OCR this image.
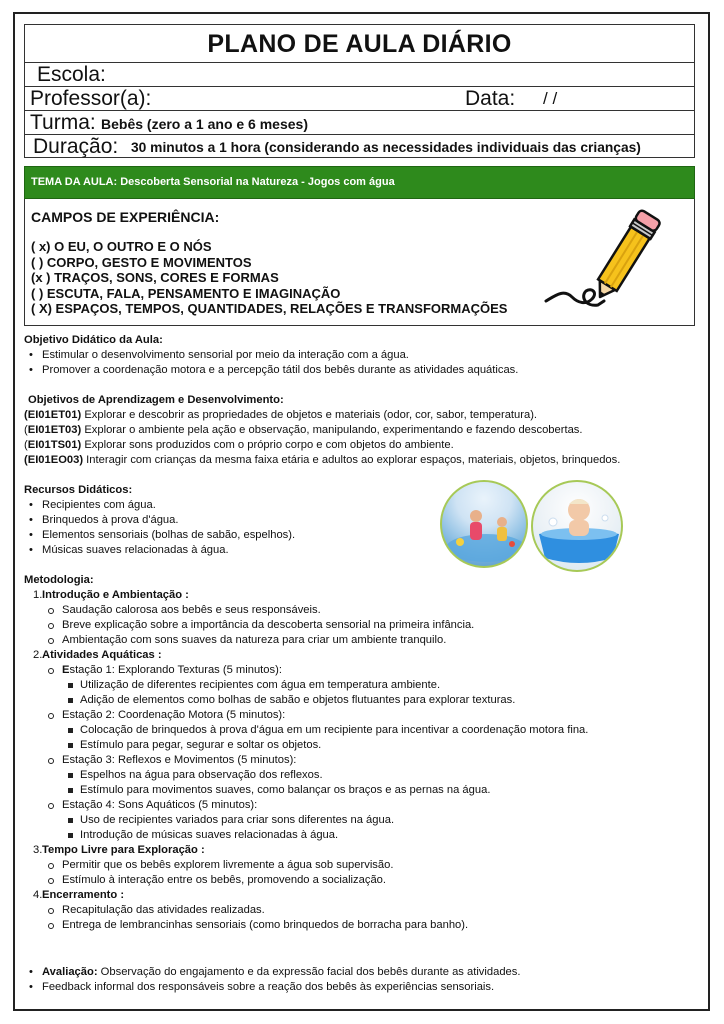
PLANO DE AULA DIÁRIO
Escola:
Professor(a):	Data: / /
Turma: Bebês (zero a 1 ano e 6 meses)
Duração: 30 minutos a 1 hora (considerando as necessidades individuais das crianças)
TEMA DA AULA: Descoberta Sensorial na Natureza - Jogos com água
CAMPOS DE EXPERIÊNCIA:
( x) O EU, O OUTRO E O NÓS
( ) CORPO, GESTO E MOVIMENTOS
(x ) TRAÇOS, SONS, CORES E FORMAS
( ) ESCUTA, FALA, PENSAMENTO E IMAGINAÇÃO
( X) ESPAÇOS, TEMPOS, QUANTIDADES, RELAÇÕES E TRANSFORMAÇÕES
Objetivo Didático da Aula:
• Estimular o desenvolvimento sensorial por meio da interação com a água.
• Promover a coordenação motora e a percepção tátil dos bebês durante as atividades aquáticas.
Objetivos de Aprendizagem e Desenvolvimento:
(EI01ET01) Explorar e descobrir as propriedades de objetos e materiais (odor, cor, sabor, temperatura).
(EI01ET03) Explorar o ambiente pela ação e observação, manipulando, experimentando e fazendo descobertas.
(EI01TS01) Explorar sons produzidos com o próprio corpo e com objetos do ambiente.
(EI01EO03) Interagir com crianças da mesma faixa etária e adultos ao explorar espaços, materiais, objetos, brinquedos.
Recursos Didáticos:
• Recipientes com água.
• Brinquedos à prova d'água.
• Elementos sensoriais (bolhas de sabão, espelhos).
• Músicas suaves relacionadas à água.
Metodologia:
1. Introdução e Ambientação :
Saudação calorosa aos bebês e seus responsáveis.
Breve explicação sobre a importância da descoberta sensorial na primeira infância.
Ambientação com sons suaves da natureza para criar um ambiente tranquilo.
2. Atividades Aquáticas :
Estação 1: Explorando Texturas (5 minutos):
Utilização de diferentes recipientes com água em temperatura ambiente.
Adição de elementos como bolhas de sabão e objetos flutuantes para explorar texturas.
Estação 2: Coordenação Motora (5 minutos):
Colocação de brinquedos à prova d'água em um recipiente para incentivar a coordenação motora fina.
Estímulo para pegar, segurar e soltar os objetos.
Estação 3: Reflexos e Movimentos (5 minutos):
Espelhos na água para observação dos reflexos.
Estímulo para movimentos suaves, como balançar os braços e as pernas na água.
Estação 4: Sons Aquáticos (5 minutos):
Uso de recipientes variados para criar sons diferentes na água.
Introdução de músicas suaves relacionadas à água.
3. Tempo Livre para Exploração :
Permitir que os bebês explorem livremente a água sob supervisão.
Estímulo à interação entre os bebês, promovendo a socialização.
4. Encerramento :
Recapitulação das atividades realizadas.
Entrega de lembrancinhas sensoriais (como brinquedos de borracha para banho).
• Avaliação: Observação do engajamento e da expressão facial dos bebês durante as atividades.
• Feedback informal dos responsáveis sobre a reação dos bebês às experiências sensoriais.
